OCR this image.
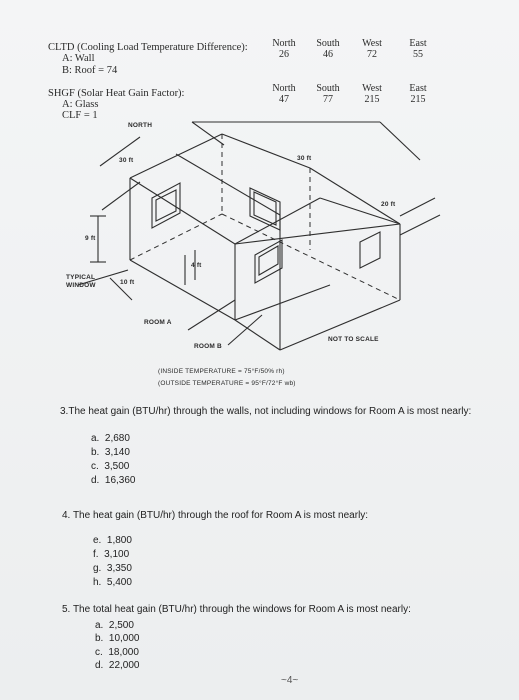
CLTD (Cooling Load Temperature Difference):
A: Wall
B: Roof = 74
North	South	West	East
26	46	72	55
SHGF (Solar Heat Gain Factor):
A: Glass
CLF = 1
North	South	West	East
47	77	215	215
NORTH
30 ft	30 ft
20 ft
9 ft
10 ft
4 ft
TYPICAL
WINDOW
ROOM A
ROOM B
NOT TO SCALE
(INSIDE TEMPERATURE = 75°F/50% rh)
(OUTSIDE TEMPERATURE = 95°F/72°F wb)
3.The heat gain (BTU/hr) through the walls, not including windows for Room A is most nearly:
a. 2,680
b. 3,140
c. 3,500
d. 16,360
4. The heat gain (BTU/hr) through the roof for Room A is most nearly:
e. 1,800
f. 3,100
g. 3,350
h. 5,400
5. The total heat gain (BTU/hr) through the windows for Room A is most nearly:
a. 2,500
b. 10,000
c. 18,000
d. 22,000
~4~
